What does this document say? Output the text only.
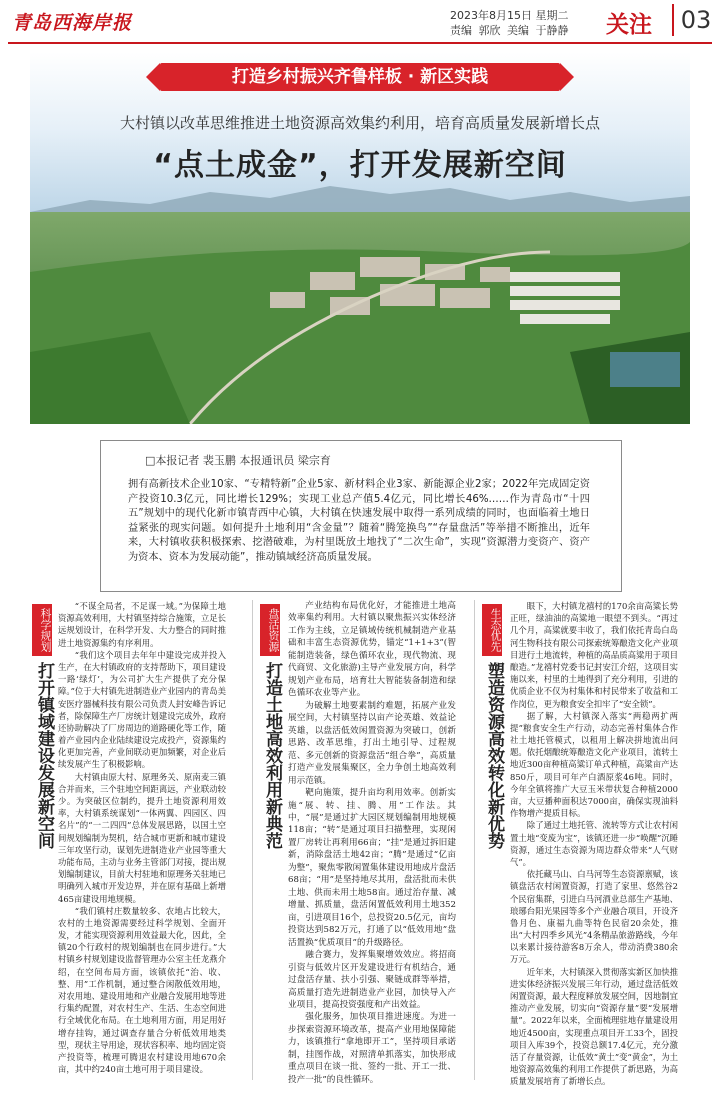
青岛西海岸报	2023年8月15日 星期二
责编 郭欣 美编 于静静 关注	03
打造乡村振兴齐鲁样板 · 新区实践
大村镇以改革思维推进土地资源高效集约利用，培育高质量发展新增长点
“点土成金”，打开发展新空间
□本报记者 裴玉鹏 本报通讯员 梁宗育
拥有高新技术企业10家、“专精特新”企业5家、新材料企业3家、新能源企业2家；2022年完成固定资产投资10.3亿元，同比增长129%；实现工业总产值5.4亿元，同比增长46%……作为青岛市“十四五”规划中的现代化新市镇青西中心镇，大村镇在快速发展中取得一系列成绩的同时，也面临着土地日益紧张的现实问题。如何提升土地利用“含金量”？随着“腾笼换鸟”“存量盘活”等举措不断推出，近年来，大村镇收获积极探索、挖潜破难，为村里既放土地找了“二次生命”，实现“资源潜力变资产、资产为资本、资本为发展动能”，推动镇域经济高质量发展。
科学规划
打开镇域建设发展新空间

“不谋全局者，不足谋一域。”为保障土地资源高效利用，大村镇坚持综合施策，立足长远规划设计，在科学开发、大力整合的同时推进土地资源集约有序利用。

“我们这个项目去年年中建设完成并投入生产，在大村镇政府的支持帮助下，项目建设一路‘绿灯’，为公司扩大生产提供了充分保障。”位于大村镇先进制造业产业园内的青岛美安医疗器械科技有限公司负责人封安峰告诉记者，除保障生产厂房统计划建设完成外，政府还协助解决了厂房周边的道路硬化等工作，随着产业园内企业陆续建设完成投产，资源集约化更加完善，产业间联动更加频繁，对企业后续发展产生了积极影响。

大村镇由原大村、原理务关、原南麦三镇合并而来，三个驻地空间距离远，产业联动较少。为突破区位制约，提升土地资源利用效率，大村镇系统谋划“一体两翼、四园区、四名片”的“一二四四”总体发展思路，以国土空间规划编制为契机，结合城市更新和城市建设三年攻坚行动，谋划先进制造业产业园等重大功能布局，主动与业务主管部门对接，提出规划编制建议，目前大村驻地和原理务关驻地已明确列入城市开发边界，并在原有基础上新增465亩建设用地规模。

“我们镇村庄数量较多、农地占比较大，农村的土地资源需要经过科学规划、全面开发，才能实现资源利用效益最大化，因此，全镇20个行政村的规划编制也在同步进行。”大村镇乡村规划建设监督管理办公室主任龙燕介绍，在空间布局方面，该镇依托“治、收、整、用”工作机制，通过整合闲散低效用地，对农用地、建设用地和产业融合发展用地等进行集约配置，对农村生产、生活、生态空间进行全域优化布局。在土地利用方面，用足用好增存挂钩，通过调查存量合分析低效用地类型，现状主导用途，现状容积率、地均固定资产投资等，梳理可腾退农村建设用地670余亩，其中约240亩土地可用于项目建设。

盘活资源
打造土地高效利用新典范

产业结构布局优化好，才能推进土地高效率集约利用。大村镇以聚焦振兴实体经济工作为主线，立足镇域传统机械制造产业基础和丰富生态资源优势，锚定“1+1+3”(智能制造装备，绿色循环农业，现代物流、现代商贸、文化旅游)主导产业发展方向，科学规划产业布局，培育壮大智能装备制造和绿色循环农业等产业。

为破解土地要素制约难题，拓展产业发展空间，大村镇坚持以亩产论英雄、效益论英雄，以盘活低效闲置资源为突破口，创新思路、改革思维，打出土地引导、过程规范、多元创新的资源盘活“组合拳”，高质量打造产业发展集聚区，全力争创土地高效利用示范镇。

靶向施策，提升亩均利用效率。创新实施“展、转、挂、腾、用”工作法。其中，“展”是通过扩大园区规划编制用地规模118亩；“转”是通过项目扫描整理，实现闲置厂房转让再利用66亩；“挂”是通过拆旧建新，消除盘活土地42亩；“腾”是通过“亿亩为整”，聚焦零散闲置集体建设用地成片盘活68亩；“用”是坚持地尽其用，盘活批而未供土地、供而未用土地58亩。通过治存量、减增量、抓质量，盘活闲置低效利用土地352亩，引进项目16个，总投资20.5亿元，亩均投资达到582万元，打通了以“低效用地”盘活置换“优质项目”的升级路径。

融合赛力，发挥集聚增效效应。将招商引资与低效片区开发建设进行有机结合，通过盘活存量、扶小引强、聚链成群等举措，高质量打造先进制造业产业园，加快导入产业项目，提高投资强度和产出效益。

强化服务，加快项目推进速度。为进一步探索资源环境改革，提高产业用地保障能力，该镇推行“拿地即开工”，坚持项目承诺制，挂图作战，对照清单抓落实，加快形成重点项目在谈一批、签约一批、开工一批、投产一批”的良性循环。

生态优先
塑造资源高效转化新优势

眼下，大村镇龙禧村的170余亩高粱长势正旺，绿油油的高粱地一眼望不到头。“再过几个月，高粱就要丰收了，我们依托青岛白岛河生物科技有限公司探索统筹酿造文化产业项目进行土地流转，种植的高品质高粱用于项目酿造。”龙禧村党委书记封安江介绍，这项目实施以来，村里的土地得到了充分利用，引进的优质企业不仅为村集体和村民带来了收益和工作岗位，更为粮食安全扣牢了“安全锁”。

据了解，大村镇深入落实“两稳两扩两提”粮食安全生产行动，动态完善村集体合作社土地托管模式，以租用上解决拼地流出问题。依托烟酿统筹酿造文化产业项目，流转土地近300亩种植高粱订单式种植，高粱亩产达850斤，项目可年产白酒原浆46吨。同时，今年全镇将推广大豆玉米带状复合种植2000亩，大豆播种面积达7000亩，确保实现油料作物增产提质目标。

除了通过土地托管、流转等方式让农村闲置土地“变废为宝”，该镇还进一步“唤醒”沉睡资源，通过生态资源为周边群众带来“人气财气”。

依托藏马山、白马河等生态资源禀赋，该镇盘活农村闲置资源，打造了家里、悠然谷2个民宿集群，引进白马河酒业总部生产基地、琅琊台阳光果园等多个产业融合项目，开设齐鲁月色、康福九曲等特色民宿20余处，推出“大村四季乡风光”4条精品旅游路线，今年以来累计接待游客8万余人，带动消费380余万元。

近年来，大村镇深入贯彻落实新区加快推进实体经济振兴发展三年行动，通过盘活低效闲置资源，最大程度释放发展空间，因地制宜推动产业发展，切实向“资源存量”要“发展增量”。2022年以来，全面梳理驻地存量建设用地近4500亩，实现重点项目开工33个，固投项目入库39个，投资总额17.4亿元，充分激活了存量资源，让低效“黄土”变“黄金”，为土地资源高效集约利用工作提供了新思路，为高质量发展培育了新增长点。
